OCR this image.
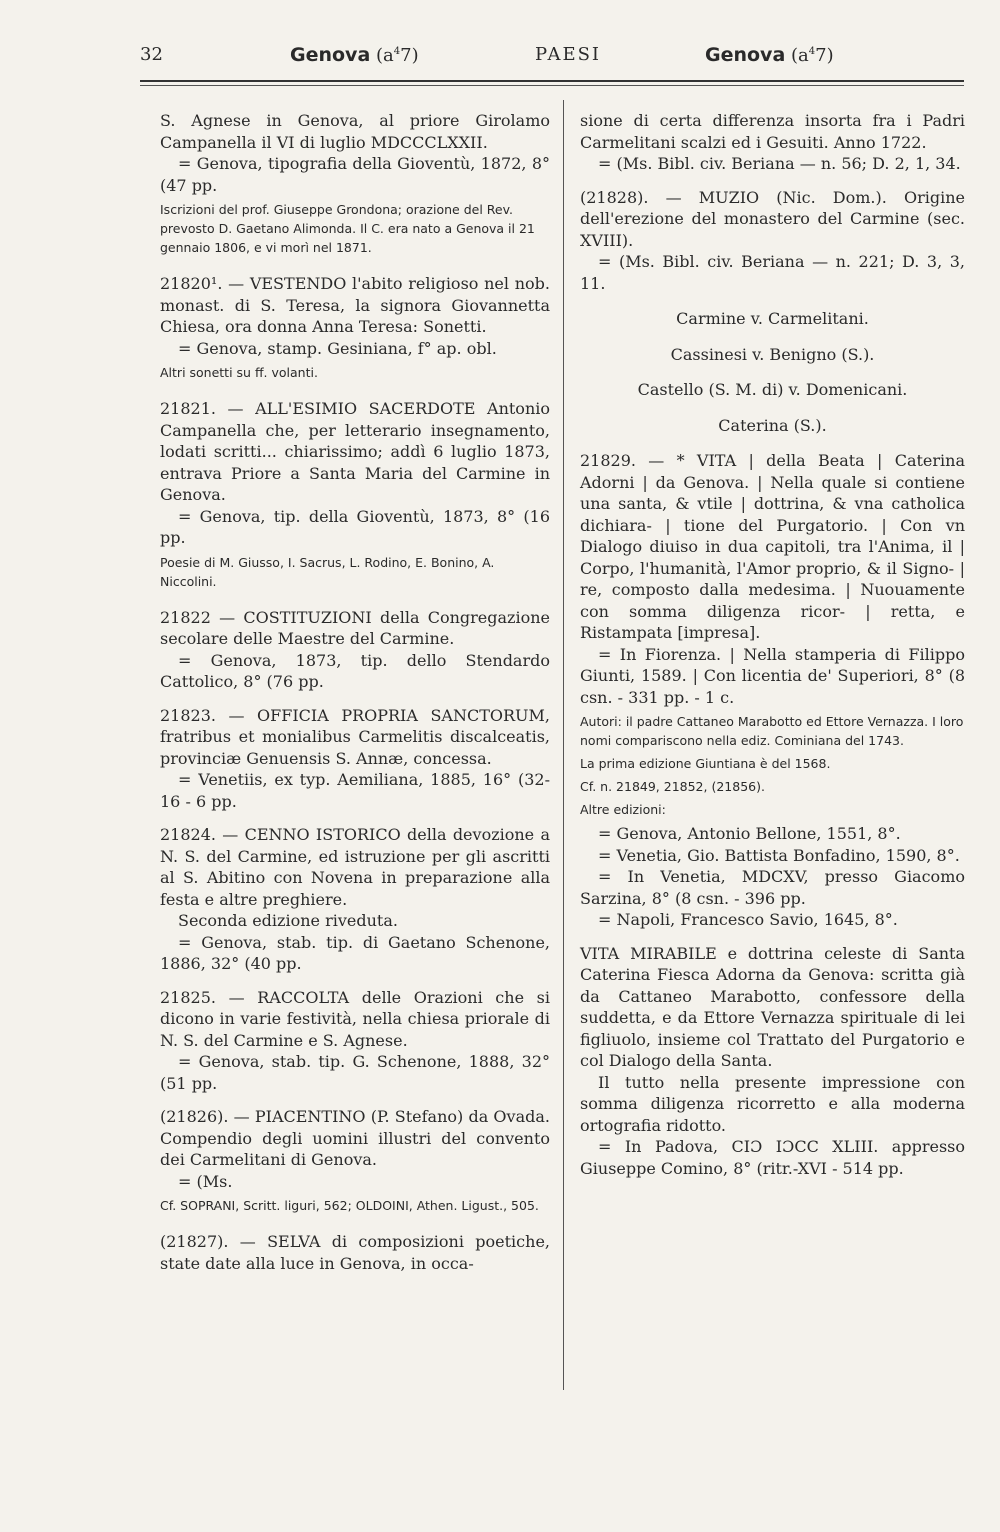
32	Genova $(a^47)$	PAESI	Genova $(a^47)$
S. Agnese in Genova, al priore Girolamo Campanella il VI di luglio MDCCCLXXII.
= Genova, tipografia della Gioventù, 1872, 8° (47 pp.
Iscrizioni del prof. Giuseppe Grondona; orazione del Rev. prevosto D. Gaetano Alimonda. Il C. era nato a Genova il 21 gennaio 1806, e vi morì nel 1871.
21820¹. — VESTENDO l'abito religioso nel nob. monast. di S. Teresa, la signora Giovannetta Chiesa, ora donna Anna Teresa: Sonetti.
= Genova, stamp. Gesiniana, f° ap. obl.
Altri sonetti su ff. volanti.
21821. — ALL'ESIMIO SACERDOTE Antonio Campanella che, per letterario insegnamento, lodati scritti... chiarissimo; addì 6 luglio 1873, entrava Priore a Santa Maria del Carmine in Genova.
= Genova, tip. della Gioventù, 1873, 8° (16 pp.
Poesie di M. Giusso, I. Sacrus, L. Rodino, E. Bonino, A. Niccolini.
21822 — COSTITUZIONI della Congregazione secolare delle Maestre del Carmine.
= Genova, 1873, tip. dello Stendardo Cattolico, 8° (76 pp.
21823. — OFFICIA PROPRIA SANCTORUM, fratribus et monialibus Carmelitis discalceatis, provinciæ Genuensis S. Annæ, concessa.
= Venetiis, ex typ. Aemiliana, 1885, 16° (32-16 - 6 pp.
21824. — CENNO ISTORICO della devozione a N. S. del Carmine, ed istruzione per gli ascritti al S. Abitino con Novena in preparazione alla festa e altre preghiere.
Seconda edizione riveduta.
= Genova, stab. tip. di Gaetano Schenone, 1886, 32° (40 pp.
21825. — RACCOLTA delle Orazioni che si dicono in varie festività, nella chiesa priorale di N. S. del Carmine e S. Agnese.
= Genova, stab. tip. G. Schenone, 1888, 32° (51 pp.
(21826). — PIACENTINO (P. Stefano) da Ovada. Compendio degli uomini illustri del convento dei Carmelitani di Genova.
= (Ms.
Cf. SOPRANI, Scritt. liguri, 562; OLDOINI, Athen. Ligust., 505.
(21827). — SELVA di composizioni poetiche, state date alla luce in Genova, in occa-
sione di certa differenza insorta fra i Padri Carmelitani scalzi ed i Gesuiti. Anno 1722.
= (Ms. Bibl. civ. Beriana — n. 56; D. 2, 1, 34.
(21828). — MUZIO (Nic. Dom.). Origine dell'erezione del monastero del Carmine (sec. XVIII).
= (Ms. Bibl. civ. Beriana — n. 221; D. 3, 3, 11.
Carmine v. Carmelitani.
Cassinesi v. Benigno (S.).
Castello (S. M. di) v. Domenicani.
Caterina (S.).
21829. — * VITA | della Beata | Caterina Adorni | da Genova. | Nella quale si contiene una santa, & vtile | dottrina, & vna catholica dichiara- | tione del Purgatorio. | Con vn Dialogo diuiso in dua capitoli, tra l'Anima, il | Corpo, l'humanità, l'Amor proprio, & il Signo- | re, composto dalla medesima. | Nuouamente con somma diligenza ricor- | retta, e Ristampata [impresa].
= In Fiorenza. | Nella stamperia di Filippo Giunti, 1589. | Con licentia de' Superiori, 8° (8 csn. - 331 pp. - 1 c.
Autori: il padre Cattaneo Marabotto ed Ettore Vernazza. I loro nomi compariscono nella ediz. Cominiana del 1743.
La prima edizione Giuntiana è del 1568.
Cf. n. 21849, 21852, (21856).
Altre edizioni:
= Genova, Antonio Bellone, 1551, 8°.
= Venetia, Gio. Battista Bonfadino, 1590, 8°.
= In Venetia, MDCXV, presso Giacomo Sarzina, 8° (8 csn. - 396 pp.
= Napoli, Francesco Savio, 1645, 8°.
VITA MIRABILE e dottrina celeste di Santa Caterina Fiesca Adorna da Genova: scritta già da Cattaneo Marabotto, confessore della suddetta, e da Ettore Vernazza spirituale di lei figliuolo, insieme col Trattato del Purgatorio e col Dialogo della Santa.
Il tutto nella presente impressione con somma diligenza ricorretto e alla moderna ortografia ridotto.
= In Padova, CIƆ IƆCC XLIII. appresso Giuseppe Comino, 8° (ritr.-XVI - 514 pp.
